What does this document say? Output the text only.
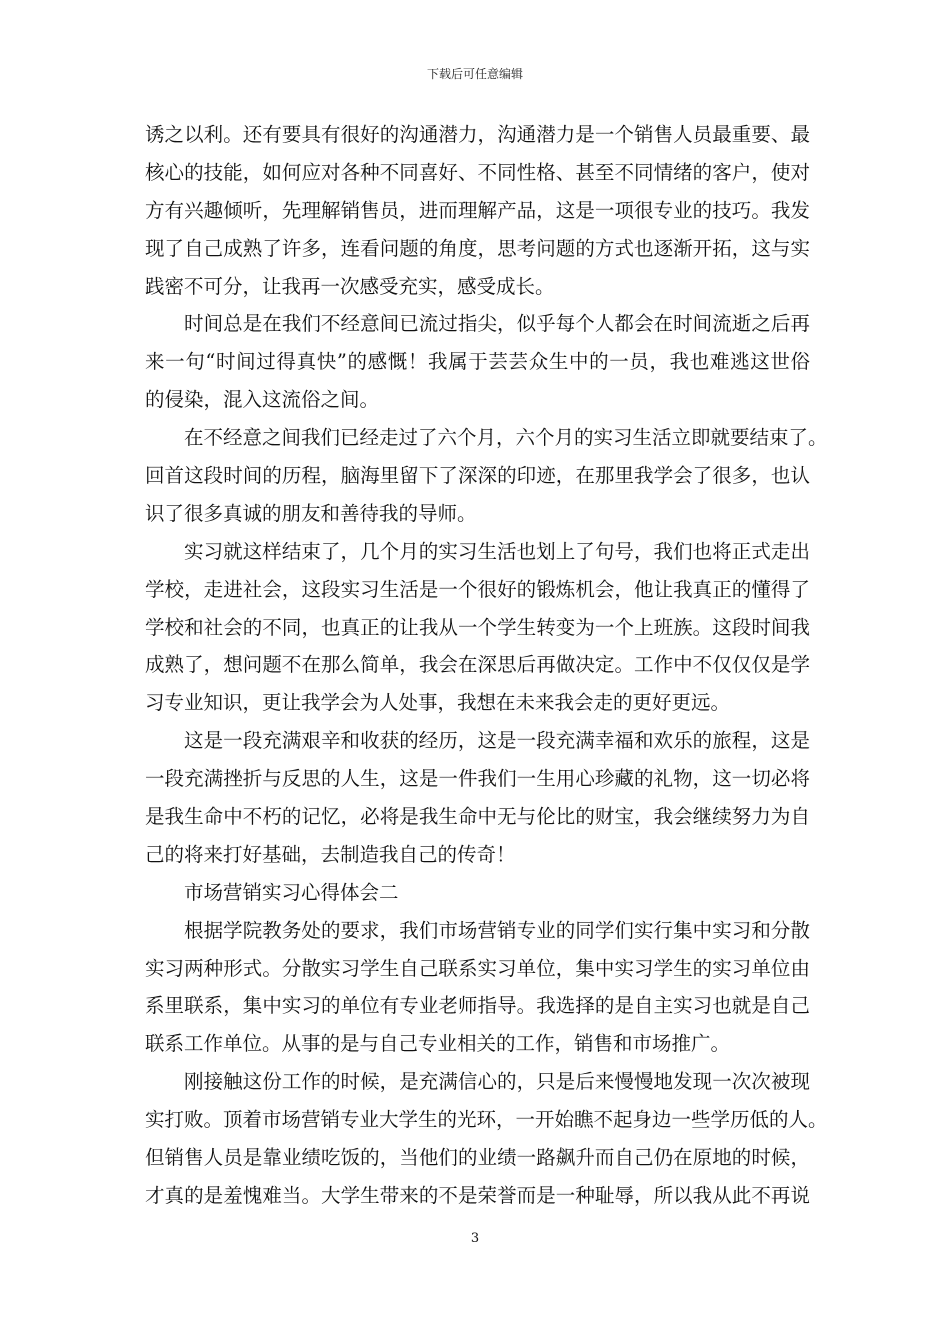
下载后可任意编辑
诱之以利。还有要具有很好的沟通潜力，沟通潜力是一个销售人员最重要、最
核心的技能，如何应对各种不同喜好、不同性格、甚至不同情绪的客户，使对
方有兴趣倾听，先理解销售员，进而理解产品，这是一项很专业的技巧。我发
现了自己成熟了许多，连看问题的角度，思考问题的方式也逐渐开拓，这与实
践密不可分，让我再一次感受充实，感受成长。
时间总是在我们不经意间已流过指尖，似乎每个人都会在时间流逝之后再
来一句“时间过得真快”的感慨！我属于芸芸众生中的一员，我也难逃这世俗
的侵染，混入这流俗之间。
在不经意之间我们已经走过了六个月，六个月的实习生活立即就要结束了。
回首这段时间的历程，脑海里留下了深深的印迹，在那里我学会了很多，也认
识了很多真诚的朋友和善待我的导师。
实习就这样结束了，几个月的实习生活也划上了句号，我们也将正式走出
学校，走进社会，这段实习生活是一个很好的锻炼机会，他让我真正的懂得了
学校和社会的不同，也真正的让我从一个学生转变为一个上班族。这段时间我
成熟了，想问题不在那么简单，我会在深思后再做决定。工作中不仅仅仅是学
习专业知识，更让我学会为人处事，我想在未来我会走的更好更远。
这是一段充满艰辛和收获的经历，这是一段充满幸福和欢乐的旅程，这是
一段充满挫折与反思的人生，这是一件我们一生用心珍藏的礼物，这一切必将
是我生命中不朽的记忆，必将是我生命中无与伦比的财宝，我会继续努力为自
己的将来打好基础，去制造我自己的传奇！
市场营销实习心得体会二
根据学院教务处的要求，我们市场营销专业的同学们实行集中实习和分散
实习两种形式。分散实习学生自己联系实习单位，集中实习学生的实习单位由
系里联系，集中实习的单位有专业老师指导。我选择的是自主实习也就是自己
联系工作单位。从事的是与自己专业相关的工作，销售和市场推广。
刚接触这份工作的时候，是充满信心的，只是后来慢慢地发现一次次被现
实打败。顶着市场营销专业大学生的光环，一开始瞧不起身边一些学历低的人。
但销售人员是靠业绩吃饭的，当他们的业绩一路飙升而自己仍在原地的时候，
才真的是羞愧难当。大学生带来的不是荣誉而是一种耻辱，所以我从此不再说
3
